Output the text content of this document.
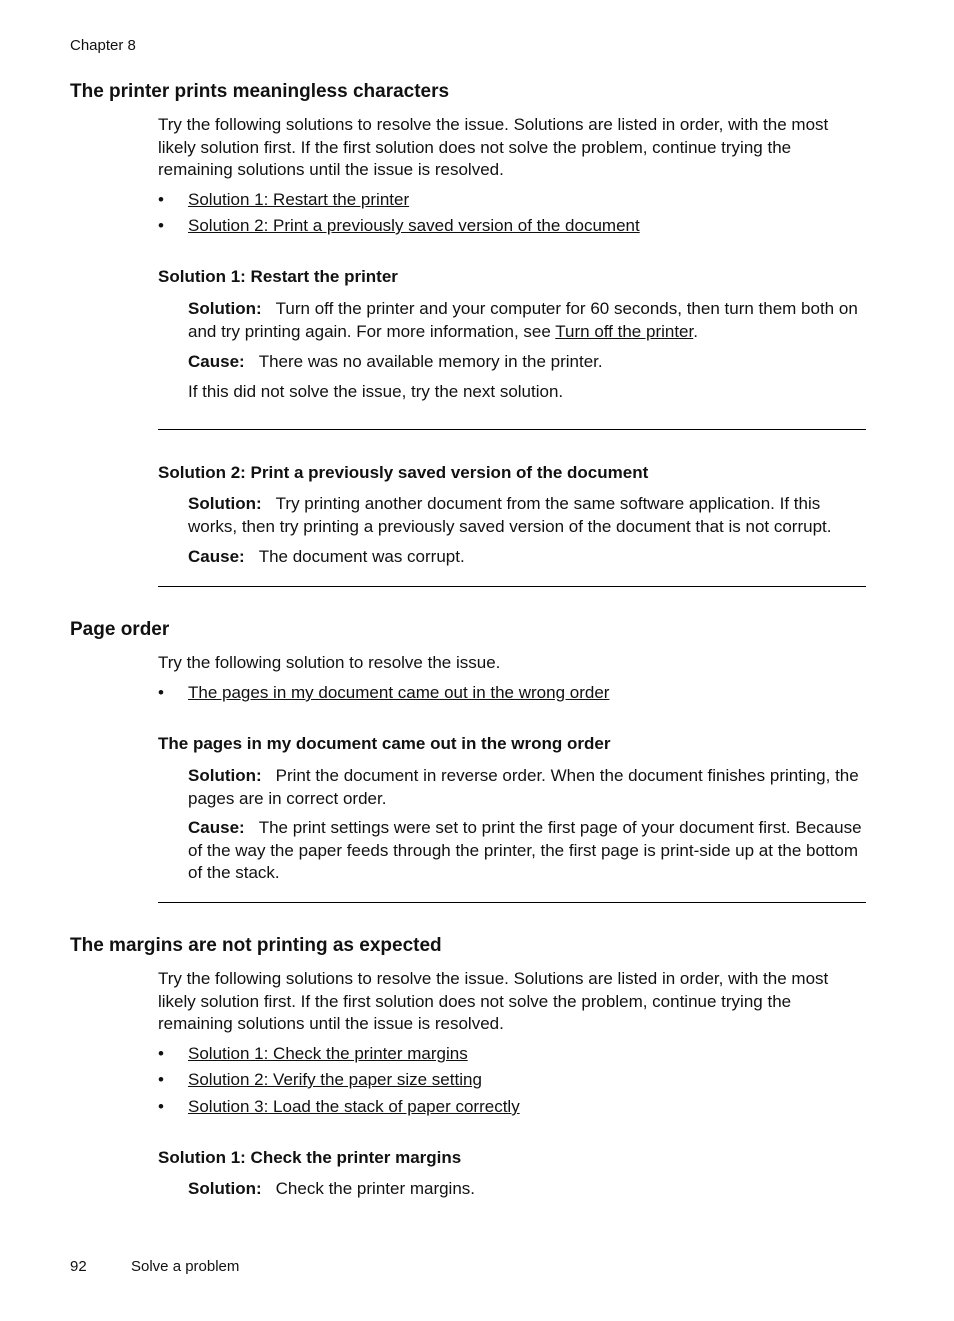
Chapter 8
The printer prints meaningless characters
Try the following solutions to resolve the issue. Solutions are listed in order, with the most likely solution first. If the first solution does not solve the problem, continue trying the remaining solutions until the issue is resolved.
• Solution 1: Restart the printer
• Solution 2: Print a previously saved version of the document
Solution 1: Restart the printer
Solution: Turn off the printer and your computer for 60 seconds, then turn them both on and try printing again. For more information, see Turn off the printer.
Cause: There was no available memory in the printer.
If this did not solve the issue, try the next solution.
Solution 2: Print a previously saved version of the document
Solution: Try printing another document from the same software application. If this works, then try printing a previously saved version of the document that is not corrupt.
Cause: The document was corrupt.
Page order
Try the following solution to resolve the issue.
• The pages in my document came out in the wrong order
The pages in my document came out in the wrong order
Solution: Print the document in reverse order. When the document finishes printing, the pages are in correct order.
Cause: The print settings were set to print the first page of your document first. Because of the way the paper feeds through the printer, the first page is print-side up at the bottom of the stack.
The margins are not printing as expected
Try the following solutions to resolve the issue. Solutions are listed in order, with the most likely solution first. If the first solution does not solve the problem, continue trying the remaining solutions until the issue is resolved.
• Solution 1: Check the printer margins
• Solution 2: Verify the paper size setting
• Solution 3: Load the stack of paper correctly
Solution 1: Check the printer margins
Solution: Check the printer margins.
92	Solve a problem
